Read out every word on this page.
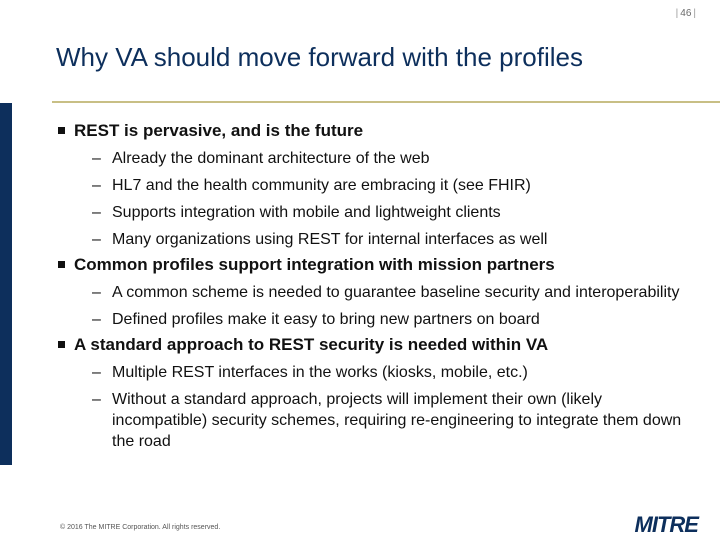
| 46 |
Why VA should move forward with the profiles
REST is pervasive, and is the future
– Already the dominant architecture of the web
– HL7 and the health community are embracing it (see FHIR)
– Supports integration with mobile and lightweight clients
– Many organizations using REST for internal interfaces as well
Common profiles support integration with mission partners
– A common scheme is needed to guarantee baseline security and interoperability
– Defined profiles make it easy to bring new partners on board
A standard approach to REST security is needed within VA
– Multiple REST interfaces in the works (kiosks, mobile, etc.)
– Without a standard approach, projects will implement their own (likely incompatible) security schemes, requiring re-engineering to integrate them down the road
© 2016 The MITRE Corporation. All rights reserved.	MITRE
